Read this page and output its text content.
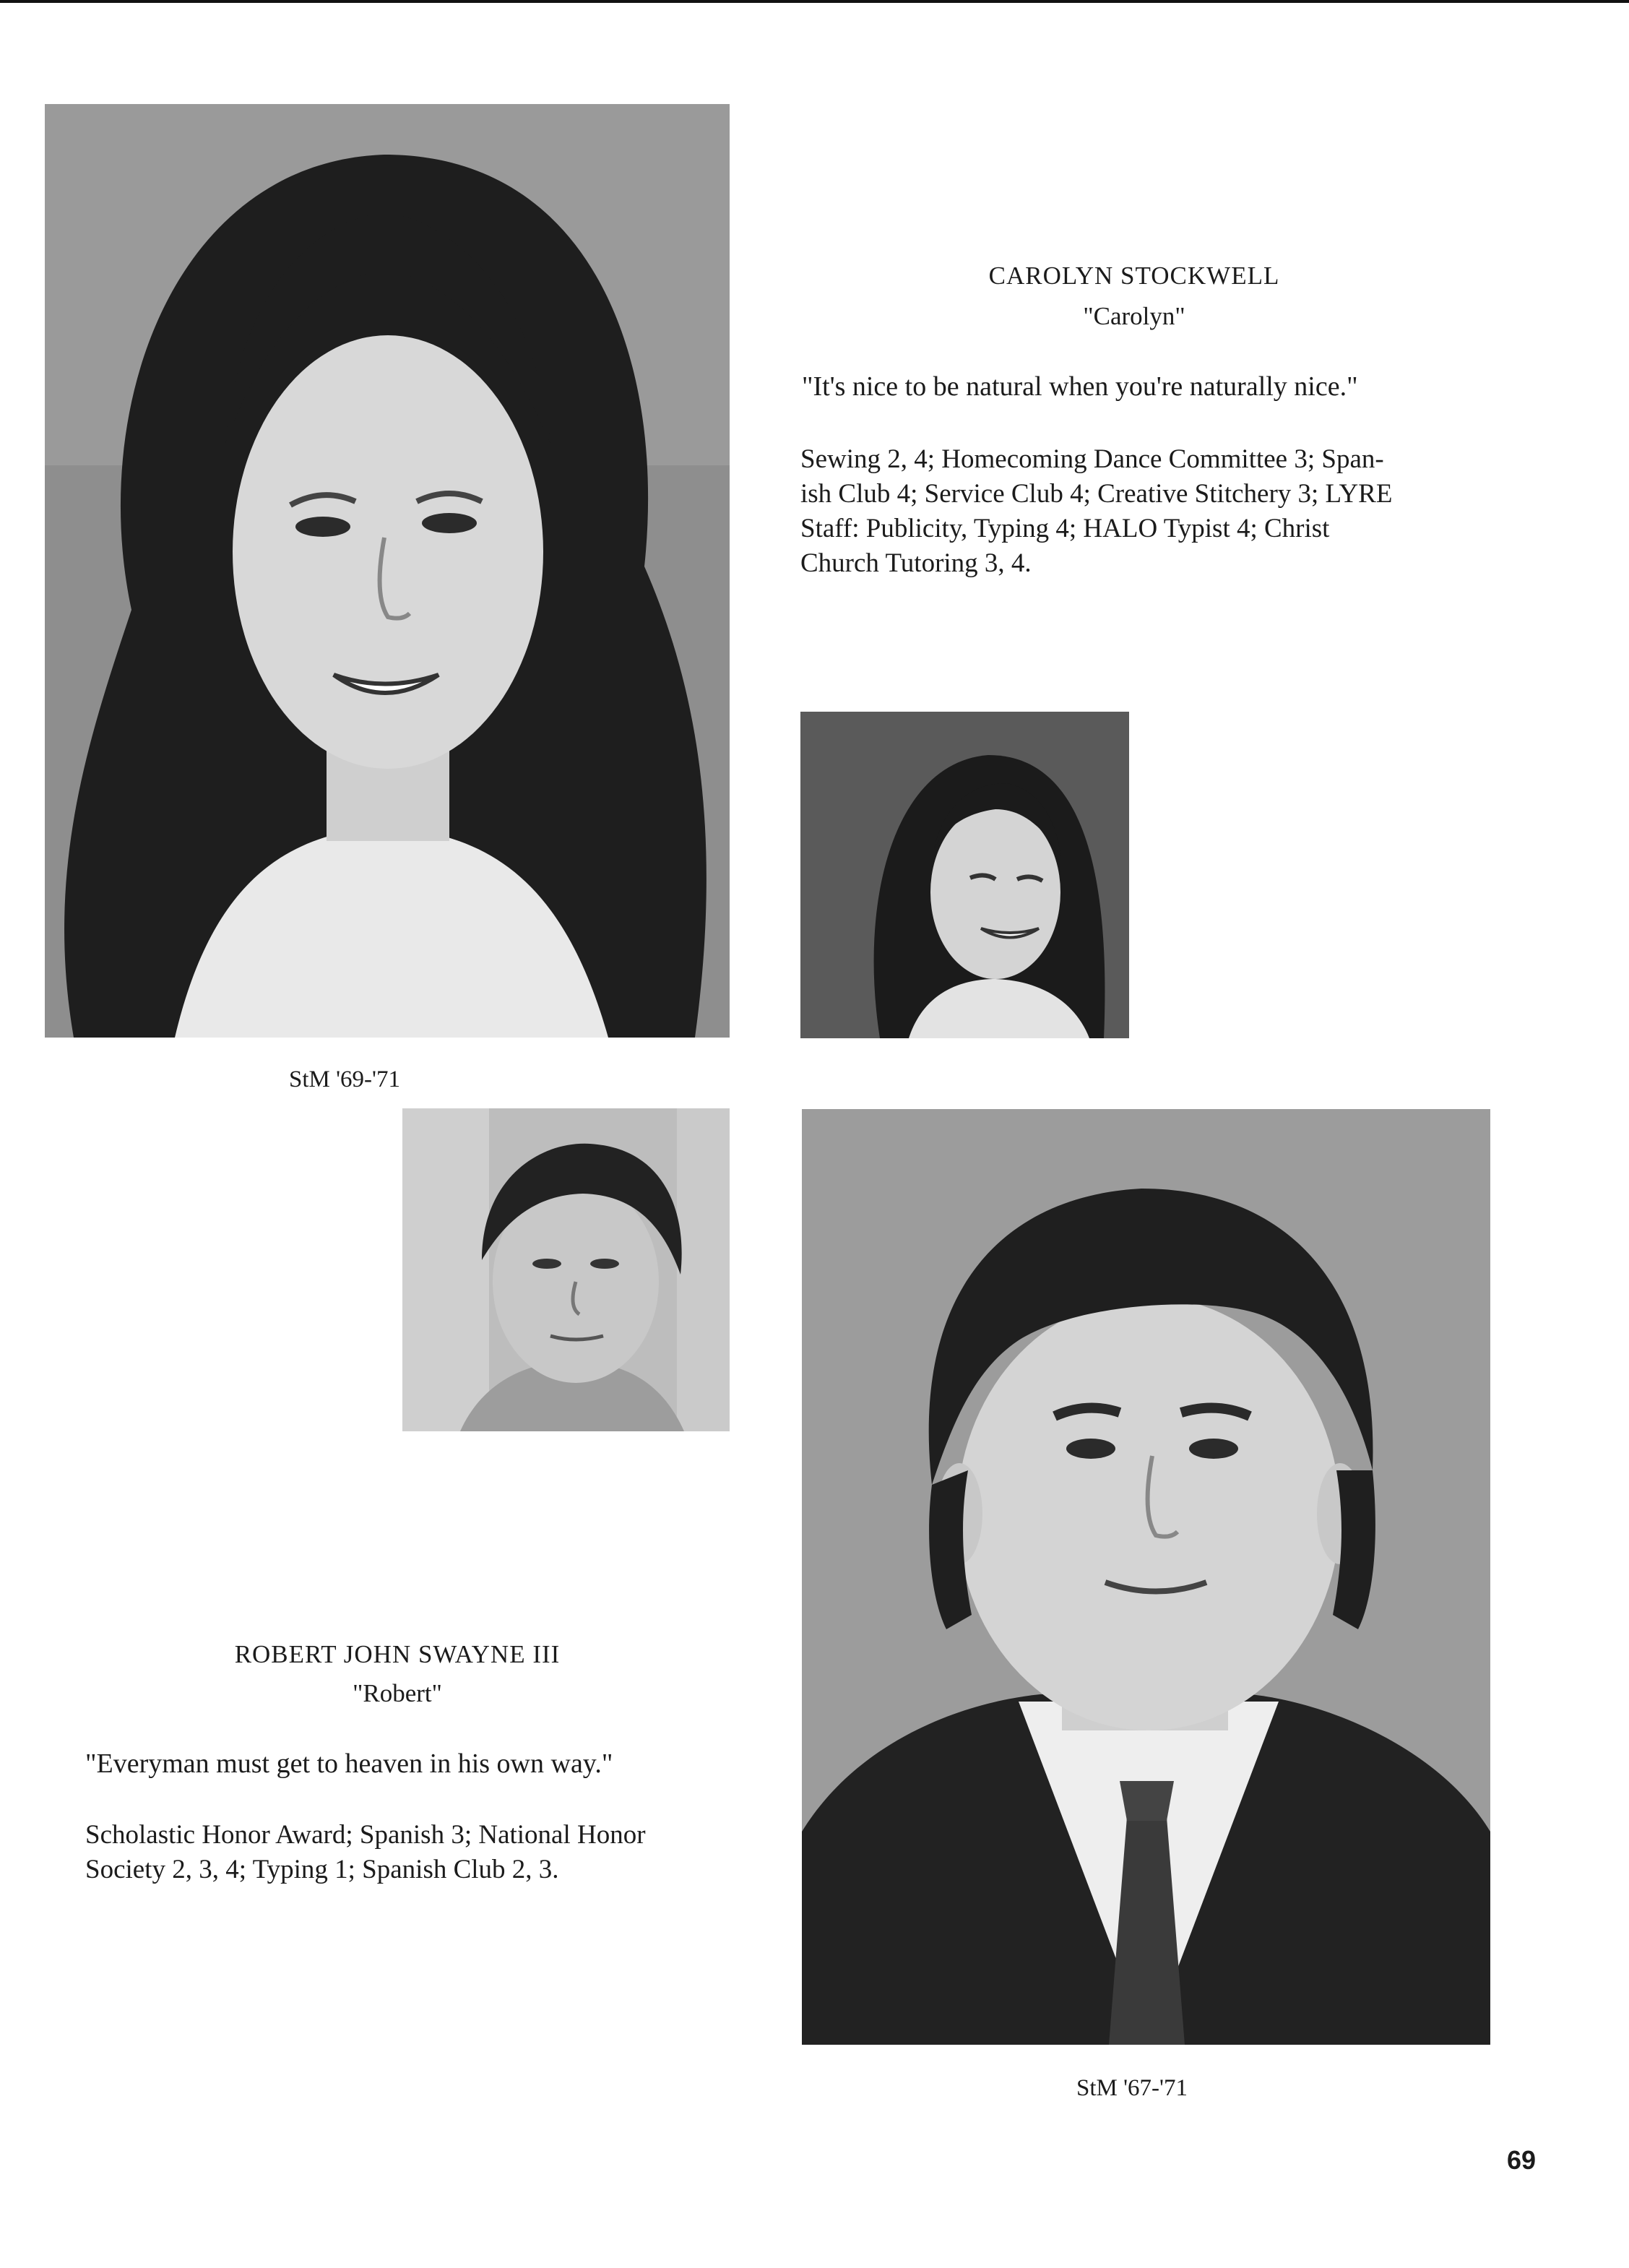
CAROLYN STOCKWELL
"Carolyn"
"It's nice to be natural when you're naturally nice."
Sewing 2, 4; Homecoming Dance Committee 3; Span-
ish Club 4; Service Club 4; Creative Stitchery 3; LYRE
Staff: Publicity, Typing 4; HALO Typist 4; Christ
Church Tutoring 3, 4.
StM '69-'71
ROBERT JOHN SWAYNE III
"Robert"
"Everyman must get to heaven in his own way."
Scholastic Honor Award; Spanish 3; National Honor
Society 2, 3, 4; Typing 1; Spanish Club 2, 3.
StM '67-'71
69
